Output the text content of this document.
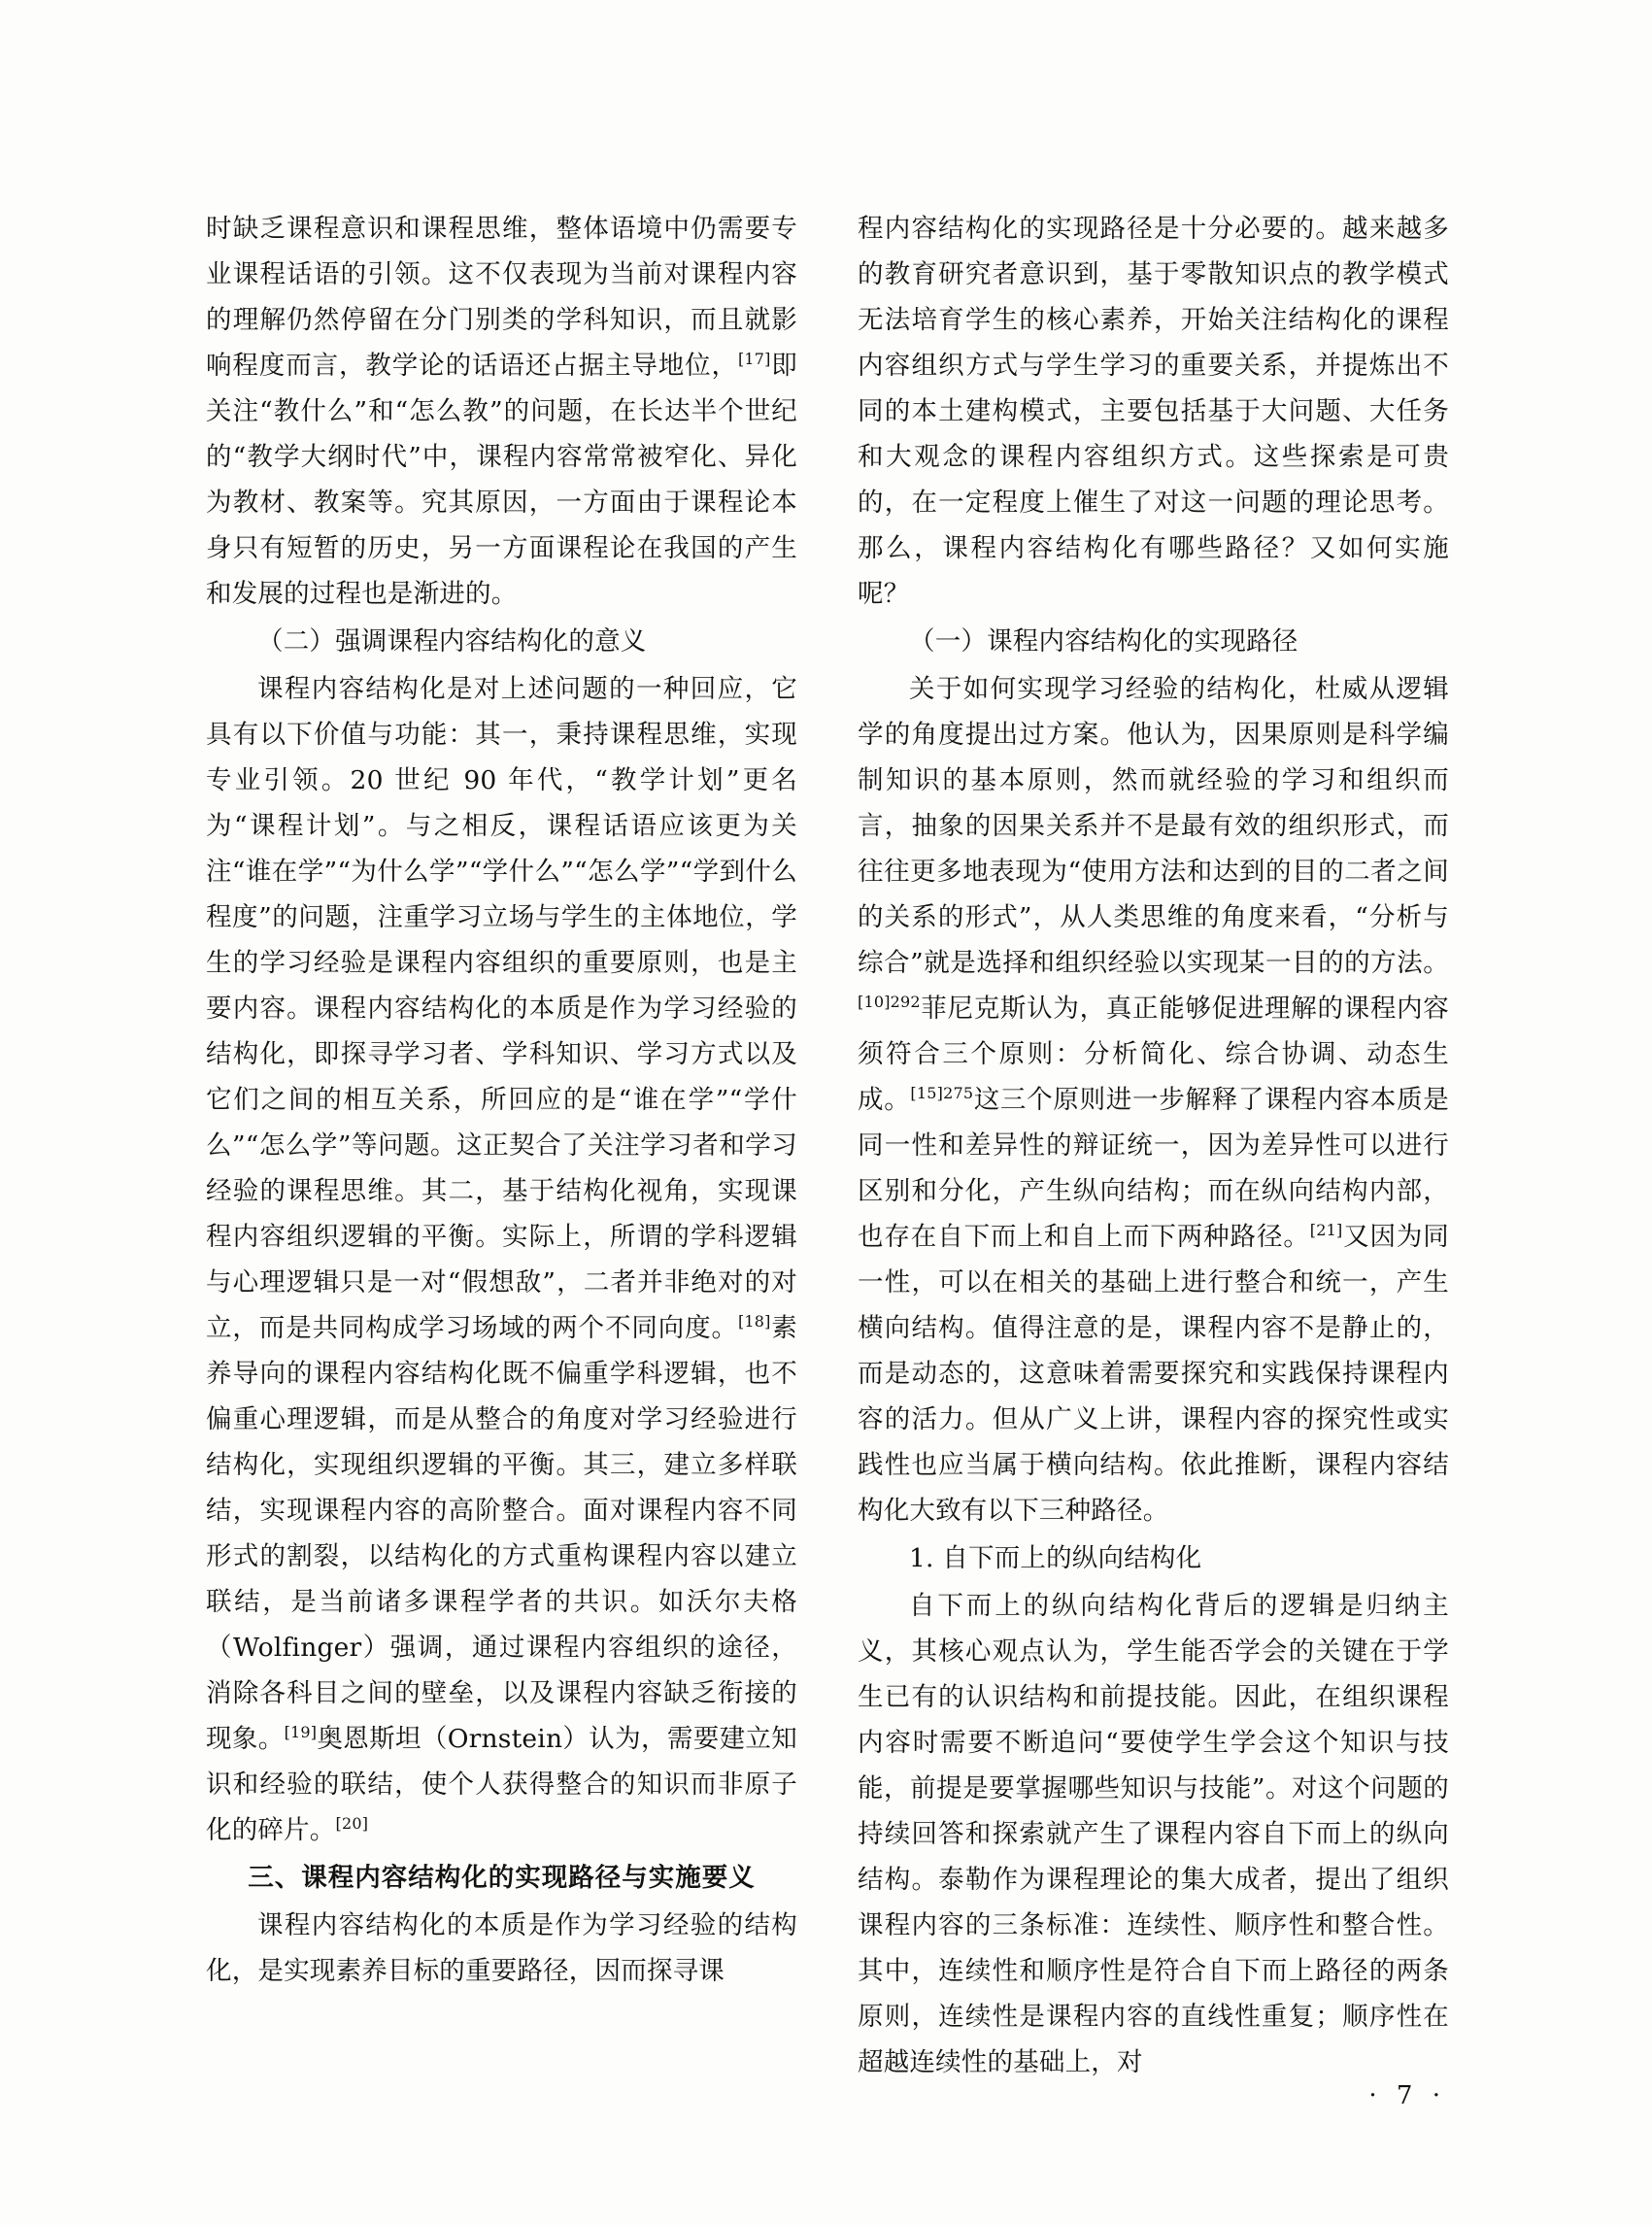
时缺乏课程意识和课程思维，整体语境中仍需要专业课程话语的引领。这不仅表现为当前对课程内容的理解仍然停留在分门别类的学科知识，而且就影响程度而言，教学论的话语还占据主导地位，[17]即关注“教什么”和“怎么教”的问题，在长达半个世纪的“教学大纲时代”中，课程内容常常被窄化、异化为教材、教案等。究其原因，一方面由于课程论本身只有短暂的历史，另一方面课程论在我国的产生和发展的过程也是渐进的。

（二）强调课程内容结构化的意义

课程内容结构化是对上述问题的一种回应，它具有以下价值与功能：其一，秉持课程思维，实现专业引领。20 世纪 90 年代，“教学计划”更名为“课程计划”。与之相反，课程话语应该更为关注“谁在学”“为什么学”“学什么”“怎么学”“学到什么程度”的问题，注重学习立场与学生的主体地位，学生的学习经验是课程内容组织的重要原则，也是主要内容。课程内容结构化的本质是作为学习经验的结构化，即探寻学习者、学科知识、学习方式以及它们之间的相互关系，所回应的是“谁在学”“学什么”“怎么学”等问题。这正契合了关注学习者和学习经验的课程思维。其二，基于结构化视角，实现课程内容组织逻辑的平衡。实际上，所谓的学科逻辑与心理逻辑只是一对“假想敌”，二者并非绝对的对立，而是共同构成学习场域的两个不同向度。[18]素养导向的课程内容结构化既不偏重学科逻辑，也不偏重心理逻辑，而是从整合的角度对学习经验进行结构化，实现组织逻辑的平衡。其三，建立多样联结，实现课程内容的高阶整合。面对课程内容不同形式的割裂，以结构化的方式重构课程内容以建立联结，是当前诸多课程学者的共识。如沃尔夫格（Wolfinger）强调，通过课程内容组织的途径，消除各科目之间的壁垒，以及课程内容缺乏衔接的现象。[19]奥恩斯坦（Ornstein）认为，需要建立知识和经验的联结，使个人获得整合的知识而非原子化的碎片。[20]

三、课程内容结构化的实现路径与实施要义

课程内容结构化的本质是作为学习经验的结构化，是实现素养目标的重要路径，因而探寻课

程内容结构化的实现路径是十分必要的。越来越多的教育研究者意识到，基于零散知识点的教学模式无法培育学生的核心素养，开始关注结构化的课程内容组织方式与学生学习的重要关系，并提炼出不同的本土建构模式，主要包括基于大问题、大任务和大观念的课程内容组织方式。这些探索是可贵的，在一定程度上催生了对这一问题的理论思考。那么，课程内容结构化有哪些路径？又如何实施呢？

（一）课程内容结构化的实现路径

关于如何实现学习经验的结构化，杜威从逻辑学的角度提出过方案。他认为，因果原则是科学编制知识的基本原则，然而就经验的学习和组织而言，抽象的因果关系并不是最有效的组织形式，而往往更多地表现为“使用方法和达到的目的二者之间的关系的形式”，从人类思维的角度来看，“分析与综合”就是选择和组织经验以实现某一目的的方法。$^{[10]292}$菲尼克斯认为，真正能够促进理解的课程内容须符合三个原则：分析简化、综合协调、动态生成。$^{[15]275}$这三个原则进一步解释了课程内容本质是同一性和差异性的辩证统一，因为差异性可以进行区别和分化，产生纵向结构；而在纵向结构内部，也存在自下而上和自上而下两种路径。[21]又因为同一性，可以在相关的基础上进行整合和统一，产生横向结构。值得注意的是，课程内容不是静止的，而是动态的，这意味着需要探究和实践保持课程内容的活力。但从广义上讲，课程内容的探究性或实践性也应当属于横向结构。依此推断，课程内容结构化大致有以下三种路径。

1. 自下而上的纵向结构化

自下而上的纵向结构化背后的逻辑是归纳主义，其核心观点认为，学生能否学会的关键在于学生已有的认识结构和前提技能。因此，在组织课程内容时需要不断追问“要使学生学会这个知识与技能，前提是要掌握哪些知识与技能”。对这个问题的持续回答和探索就产生了课程内容自下而上的纵向结构。泰勒作为课程理论的集大成者，提出了组织课程内容的三条标准：连续性、顺序性和整合性。其中，连续性和顺序性是符合自下而上路径的两条原则，连续性是课程内容的直线性重复；顺序性在超越连续性的基础上，对

· 7 ·
